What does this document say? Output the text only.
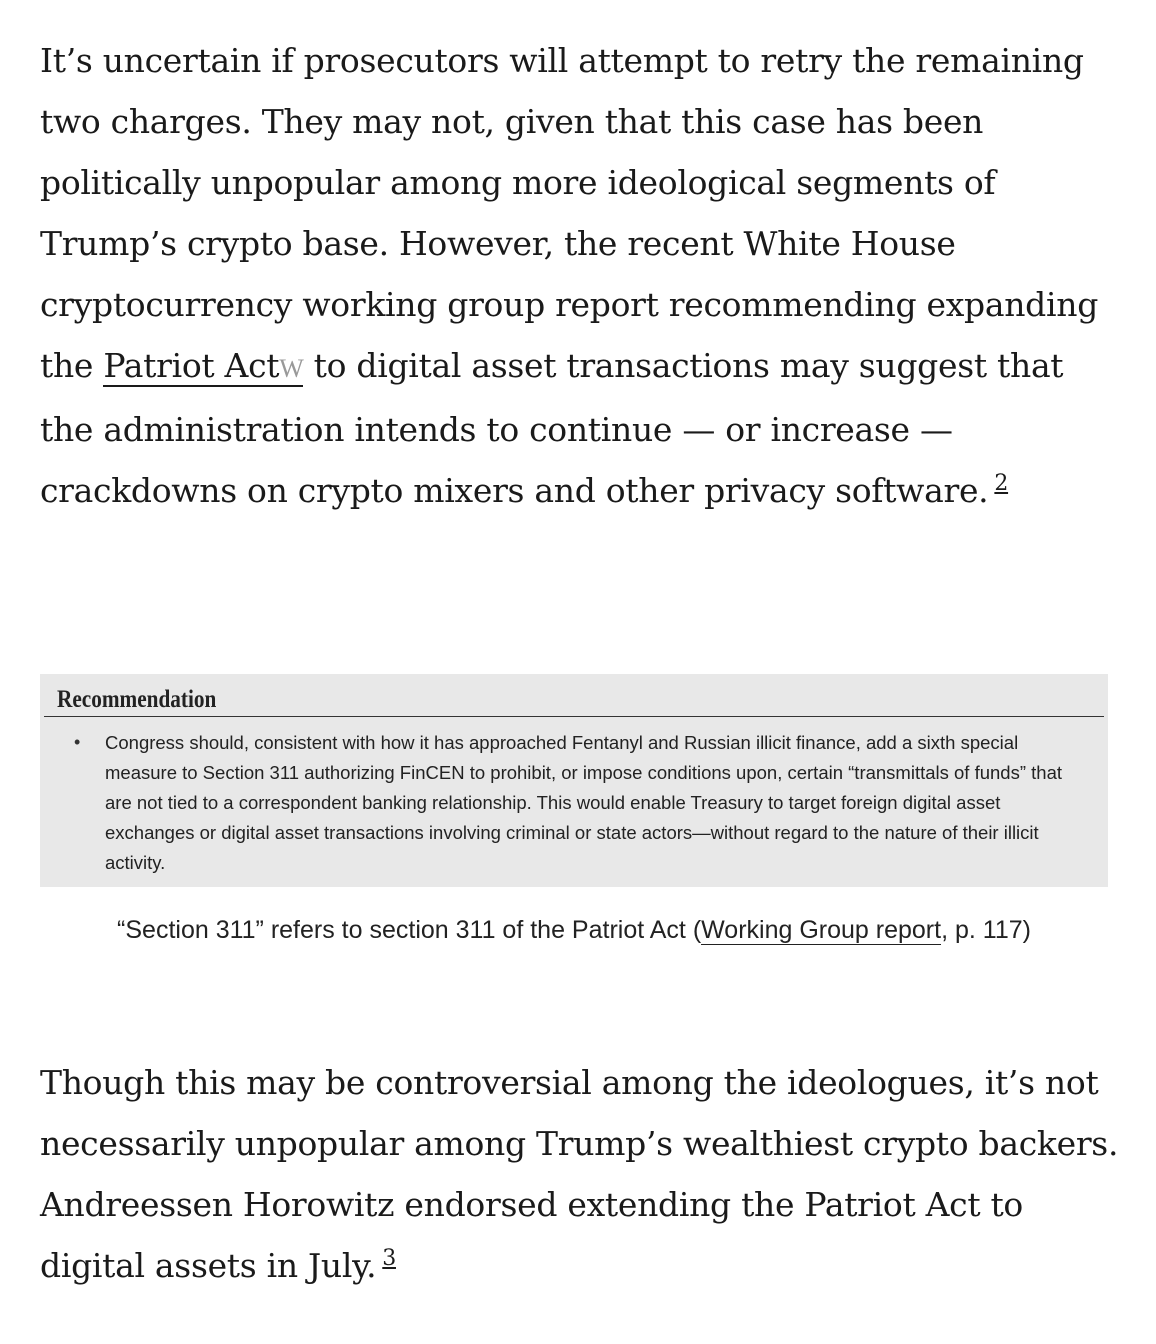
It’s uncertain if prosecutors will attempt to retry the remaining two charges. They may not, given that this case has been politically unpopular among more ideological segments of Trump’s crypto base. However, the recent White House cryptocurrency working group report recommending expanding the Patriot ActW to digital asset transactions may suggest that the administration intends to continue — or increase — crackdowns on crypto mixers and other privacy software. $^2$

Recommendation
• Congress should, consistent with how it has approached Fentanyl and Russian illicit finance, add a sixth special measure to Section 311 authorizing FinCEN to prohibit, or impose conditions upon, certain “transmittals of funds” that are not tied to a correspondent banking relationship. This would enable Treasury to target foreign digital asset exchanges or digital asset transactions involving criminal or state actors—without regard to the nature of their illicit activity.
“Section 311” refers to section 311 of the Patriot Act (Working Group report, p. 117)

Though this may be controversial among the ideologues, it’s not necessarily unpopular among Trump’s wealthiest crypto backers. Andreessen Horowitz endorsed extending the Patriot Act to digital assets in July. $^3$
